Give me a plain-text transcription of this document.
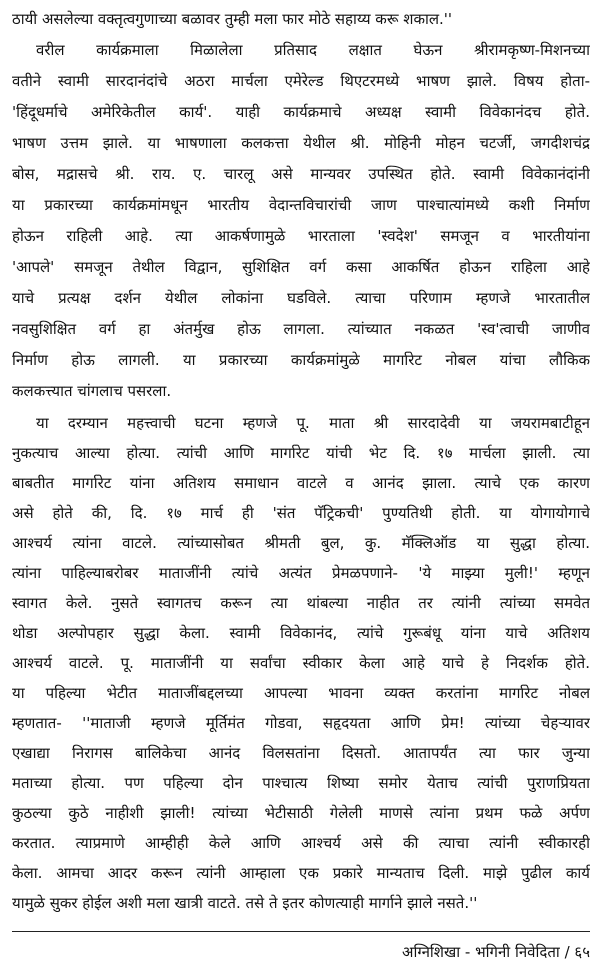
ठायी असलेल्या वक्तृत्वगुणाच्या बळावर तुम्ही मला फार मोठे सहाय्य करू शकाल.''
वरील कार्यक्रमाला मिळालेला प्रतिसाद लक्षात घेऊन श्रीरामकृष्ण-मिशनच्या
वतीने स्वामी सारदानंदांचे अठरा मार्चला एमेरेल्ड थिएटरमध्ये भाषण झाले. विषय होता-
'हिंदूधर्माचे अमेरिकेतील कार्य'. याही कार्यक्रमाचे अध्यक्ष स्वामी विवेकानंदच होते.
भाषण उत्तम झाले. या भाषणाला कलकत्ता येथील श्री. मोहिनी मोहन चटर्जी, जगदीशचंद्र
बोस, मद्रासचे श्री. राय. ए. चारलू असे मान्यवर उपस्थित होते. स्वामी विवेकानंदांनी
या प्रकारच्या कार्यक्रमांमधून भारतीय वेदान्तविचारांची जाण पाश्चात्यांमध्ये कशी निर्माण
होऊन राहिली आहे. त्या आकर्षणामुळे भारताला 'स्वदेश' समजून व भारतीयांना
'आपले' समजून तेथील विद्वान, सुशिक्षित वर्ग कसा आकर्षित होऊन राहिला आहे
याचे प्रत्यक्ष दर्शन येथील लोकांना घडविले. त्याचा परिणाम म्हणजे भारतातील
नवसुशिक्षित वर्ग हा अंतर्मुख होऊ लागला. त्यांच्यात नकळत 'स्व'त्वाची जाणीव
निर्माण होऊ लागली. या प्रकारच्या कार्यक्रमांमुळे मार्गारेट नोबल यांचा लौकिक
कलकत्त्यात चांगलाच पसरला.
या दरम्यान महत्त्वाची घटना म्हणजे पू. माता श्री सारदादेवी या जयरामबाटीहून
नुकत्याच आल्या होत्या. त्यांची आणि मार्गारेट यांची भेट दि. १७ मार्चला झाली. त्या
बाबतीत मार्गारेट यांना अतिशय समाधान वाटले व आनंद झाला. त्याचे एक कारण
असे होते की, दि. १७ मार्च ही 'संत पॅट्रिकची' पुण्यतिथी होती. या योगायोगाचे
आश्चर्य त्यांना वाटले. त्यांच्यासोबत श्रीमती बुल, कु. मॅक्लिऑड या सुद्धा होत्या.
त्यांना पाहिल्याबरोबर माताजींनी त्यांचे अत्यंत प्रेमळपणाने- 'ये माझ्या मुली!' म्हणून
स्वागत केले. नुसते स्वागतच करून त्या थांबल्या नाहीत तर त्यांनी त्यांच्या समवेत
थोडा अल्पोपहार सुद्धा केला. स्वामी विवेकानंद, त्यांचे गुरूबंधू यांना याचे अतिशय
आश्चर्य वाटले. पू. माताजींनी या सर्वांचा स्वीकार केला आहे याचे हे निदर्शक होते.
या पहिल्या भेटीत माताजींबद्दलच्या आपल्या भावना व्यक्त करतांना मार्गारेट नोबल
म्हणतात- ''माताजी म्हणजे मूर्तिमंत गोडवा, सहृदयता आणि प्रेम! त्यांच्या चेहऱ्यावर
एखाद्या निरागस बालिकेचा आनंद विलसतांना दिसतो. आतापर्यंत त्या फार जुन्या
मताच्या होत्या. पण पहिल्या दोन पाश्चात्य शिष्या समोर येताच त्यांची पुराणप्रियता
कुठल्या कुठे नाहीशी झाली! त्यांच्या भेटीसाठी गेलेली माणसे त्यांना प्रथम फळे अर्पण
करतात. त्याप्रमाणे आम्हीही केले आणि आश्चर्य असे की त्याचा त्यांनी स्वीकारही
केला. आमचा आदर करून त्यांनी आम्हाला एक प्रकारे मान्यताच दिली. माझे पुढील कार्य
यामुळे सुकर होईल अशी मला खात्री वाटते. तसे ते इतर कोणत्याही मार्गाने झाले नसते.''
अग्निशिखा - भगिनी निवेदिता / ६५
